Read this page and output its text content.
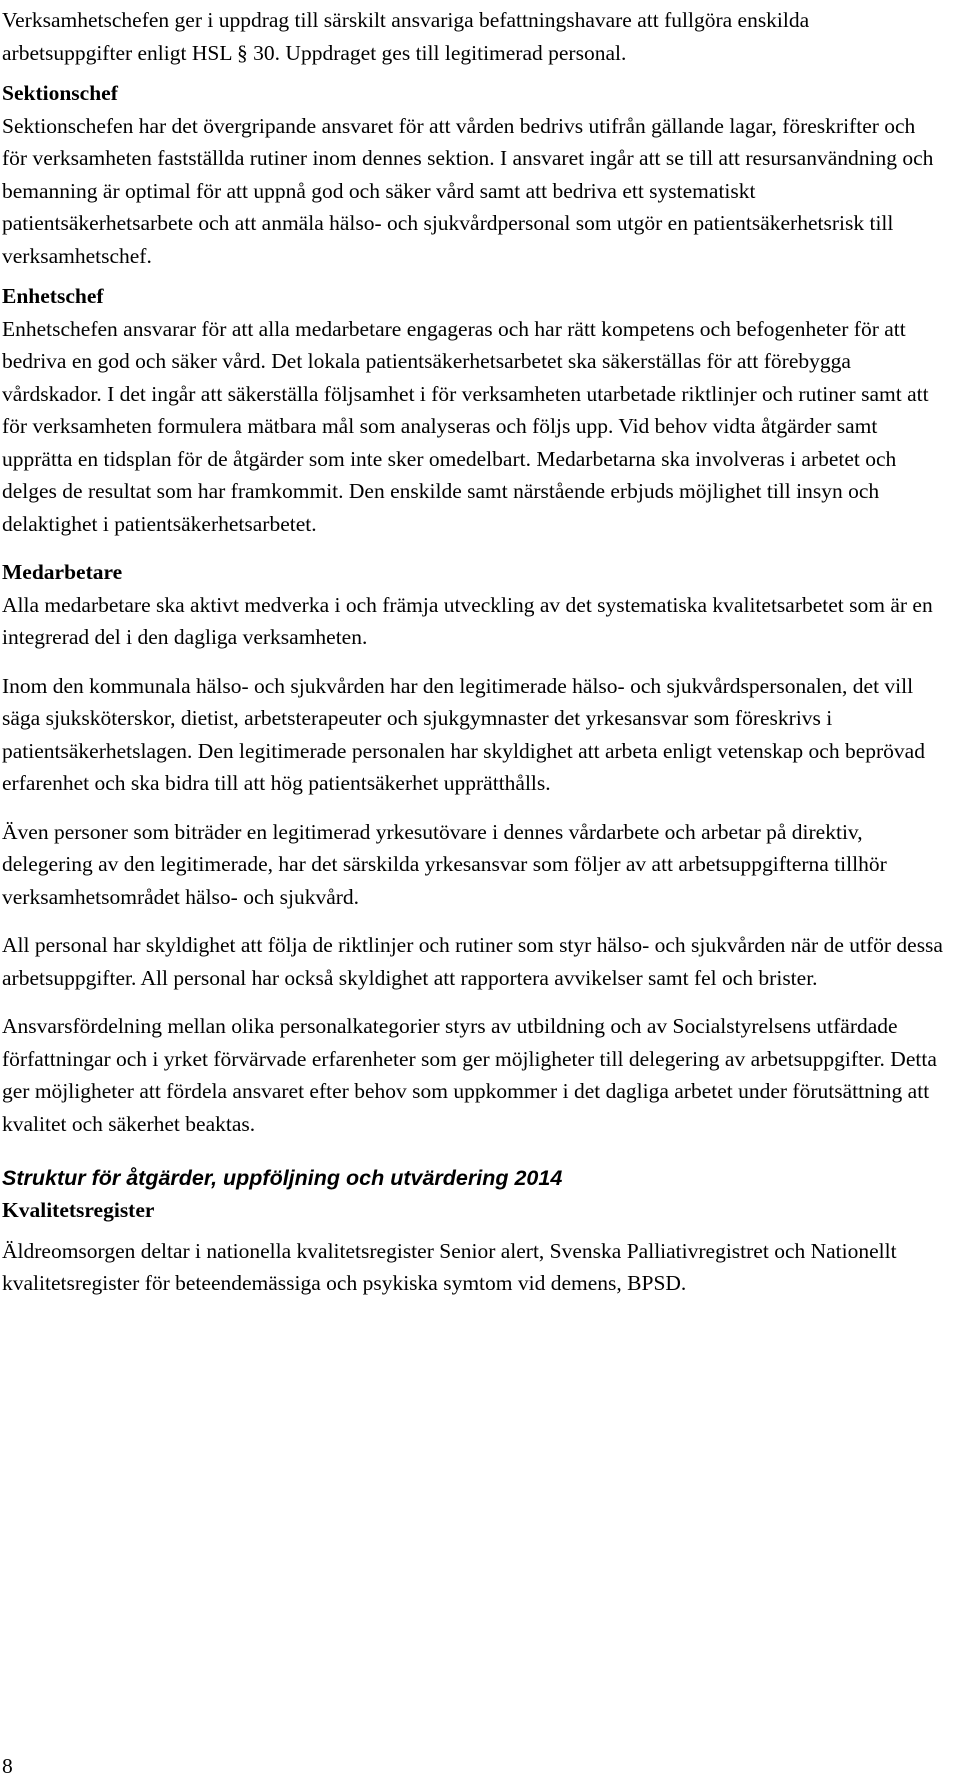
Verksamhetschefen ger i uppdrag till särskilt ansvariga befattningshavare att fullgöra enskilda arbetsuppgifter enligt HSL § 30. Uppdraget ges till legitimerad personal.

Sektionschef

Sektionschefen har det övergripande ansvaret för att vården bedrivs utifrån gällande lagar, föreskrifter och för verksamheten fastställda rutiner inom dennes sektion. I ansvaret ingår att se till att resursanvändning och bemanning är optimal för att uppnå god och säker vård samt att bedriva ett systematiskt patientsäkerhetsarbete och att anmäla hälso- och sjukvårdpersonal som utgör en patientsäkerhetsrisk till verksamhetschef.

Enhetschef

Enhetschefen ansvarar för att alla medarbetare engageras och har rätt kompetens och befogenheter för att bedriva en god och säker vård. Det lokala patientsäkerhetsarbetet ska säkerställas för att förebygga vårdskador. I det ingår att säkerställa följsamhet i för verksamheten utarbetade riktlinjer och rutiner samt att för verksamheten formulera mätbara mål som analyseras och följs upp. Vid behov vidta åtgärder samt upprätta en tidsplan för de åtgärder som inte sker omedelbart. Medarbetarna ska involveras i arbetet och delges de resultat som har framkommit. Den enskilde samt närstående erbjuds möjlighet till insyn och delaktighet i patientsäkerhetsarbetet.

Medarbetare

Alla medarbetare ska aktivt medverka i och främja utveckling av det systematiska kvalitetsarbetet som är en integrerad del i den dagliga verksamheten.

Inom den kommunala hälso- och sjukvården har den legitimerade hälso- och sjukvårdspersonalen, det vill säga sjuksköterskor, dietist, arbetsterapeuter och sjukgymnaster det yrkesansvar som föreskrivs i patientsäkerhetslagen. Den legitimerade personalen har skyldighet att arbeta enligt vetenskap och beprövad erfarenhet och ska bidra till att hög patientsäkerhet upprätthålls.

Även personer som biträder en legitimerad yrkesutövare i dennes vårdarbete och arbetar på direktiv, delegering av den legitimerade, har det särskilda yrkesansvar som följer av att arbetsuppgifterna tillhör verksamhetsområdet hälso- och sjukvård.

All personal har skyldighet att följa de riktlinjer och rutiner som styr hälso- och sjukvården när de utför dessa arbetsuppgifter. All personal har också skyldighet att rapportera avvikelser samt fel och brister.

Ansvarsfördelning mellan olika personalkategorier styrs av utbildning och av Socialstyrelsens utfärdade författningar och i yrket förvärvade erfarenheter som ger möjligheter till delegering av arbetsuppgifter. Detta ger möjligheter att fördela ansvaret efter behov som uppkommer i det dagliga arbetet under förutsättning att kvalitet och säkerhet beaktas.

Struktur för åtgärder, uppföljning och utvärdering 2014
Kvalitetsregister

Äldreomsorgen deltar i nationella kvalitetsregister Senior alert, Svenska Palliativregistret och Nationellt kvalitetsregister för beteendemässiga och psykiska symtom vid demens, BPSD.

8
